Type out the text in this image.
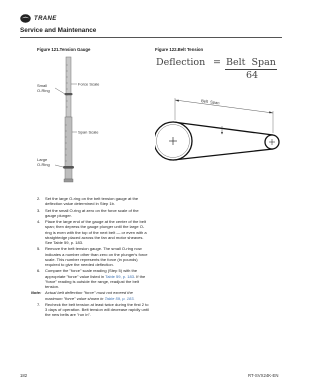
TRANE
Service and Maintenance
Figure 121.Tension Gauge
Small
O-Ring
Large
O-Ring
Force Scale
Span Scale
Figure 122.Belt Tension
Deflection = Belt  Span
64
Belt  Span
2.	Set the large O-ring on the belt tension gauge at the deflection value determined in Step 1b.
3.	Set the small O-ring at zero on the force scale of the gauge plunger.
4.	Place the large end of the gauge at the center of the belt span; then depress the gauge plunger until the large O-ring is even with the top of the next belt — or even with a straightedge placed across the fan and motor sheaves. See Table 59, p. 183.
5.	Remove the belt tension gauge. The small O-ring now indicates a number other than zero on the plunger's force scale. This number represents the force (in pounds) required to give the needed deflection.
6.	Compare the "force" scale reading (Step 5) with the appropriate "force" value listed in Table 59, p. 183. If the "force" reading is outside the range, readjust the belt tension.
Note: Actual belt deflection "force" must not exceed the maximum "force" value shown in Table 59, p. 183.
7.	Recheck the belt tension at least twice during the first 2 to 3 days of operation. Belt tension will decrease rapidly until the new belts are "run in".
182	RT-SVX24K-EN
